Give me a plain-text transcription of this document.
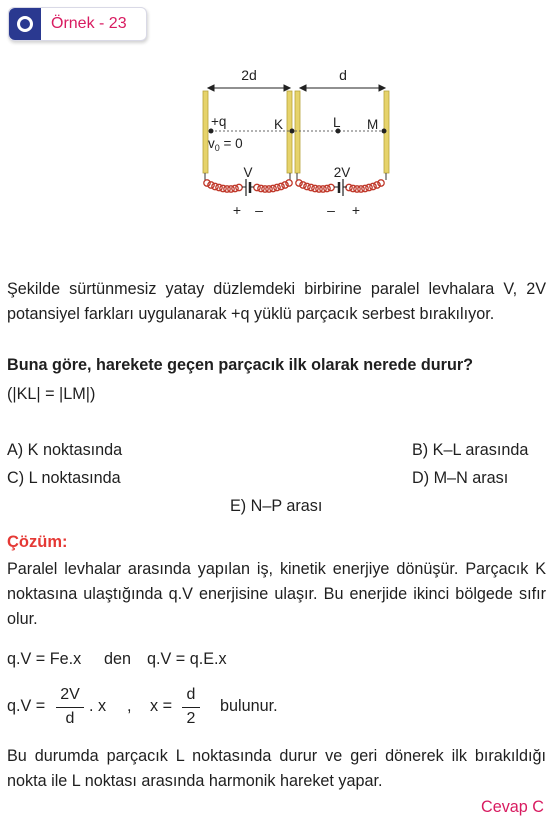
Örnek - 23
2d	d
+q
$v_0 = 0$
K	L M
V	2V
+ –	– +

Şekilde sürtünmesiz yatay düzlemdeki birbirine paralel levhalara V, 2V potansiyel farkları uygulanarak +q yüklü parçacık serbest bırakılıyor.

Buna göre, harekete geçen parçacık ilk olarak nerede durur?

(|KL| = |LM|)

A) K noktasında	B) K–L arasında
C) L noktasında	D) M–N arası
E) N–P arası
Çözüm:

Paralel levhalar arasında yapılan iş, kinetik enerjiye dönüşür. Parçacık K noktasına ulaştığında q.V enerjisine ulaşır. Bu enerjide ikinci bölgede sıfır olur.

q.V = Fe.x den q.V = q.E.x
q.V =
2V
d
. x , x =
d
2
bulunur.

Bu durumda parçacık L noktasında durur ve geri dönerek ilk bırakıldığı nokta ile L noktası arasında harmonik hareket yapar.

Cevap C
